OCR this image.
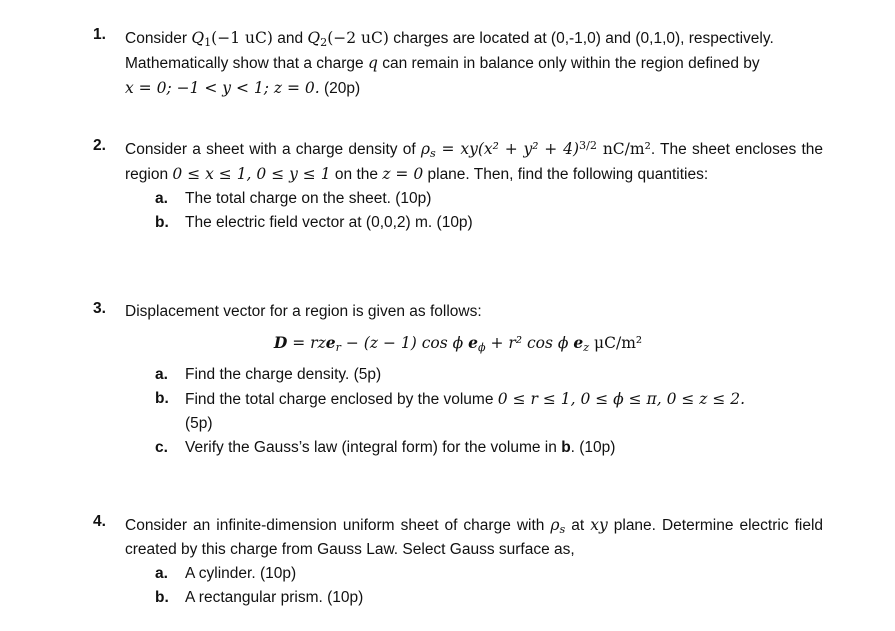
1. Consider $Q_1(-1$ uC) and $Q_2(-2$ uC) charges are located at (0,-1,0) and (0,1,0), respectively.
Mathematically show that a charge q can remain in balance only within the region defined by
x = 0; −1 < y < 1; z = 0. (20p)
2. Consider a sheet with a charge density of $\rho_s = xy(x^2 + y^2 + 4)^{3/2}$ nC/m². The sheet encloses the region 0 ≤ x ≤ 1, 0 ≤ y ≤ 1 on the z = 0 plane. Then, find the following quantities:
a. The total charge on the sheet. (10p)
b. The electric field vector at (0,0,2) m. (10p)
3. Displacement vector for a region is given as follows:
D = rze$_r$ − (z − 1) cos ϕ $e_\phi + r^2$ cos ϕ $e_z$ μC/m²
a. Find the charge density. (5p)
b. Find the total charge enclosed by the volume 0 ≤ r ≤ 1, 0 ≤ ϕ ≤ π, 0 ≤ z ≤ 2.
(5p)
c. Verify the Gauss’s law (integral form) for the volume in b. (10p)
4. Consider an infinite-dimension uniform sheet of charge with $\rho_s$ at xy plane. Determine electric field created by this charge from Gauss Law. Select Gauss surface as,
a. A cylinder. (10p)
b. A rectangular prism. (10p)
